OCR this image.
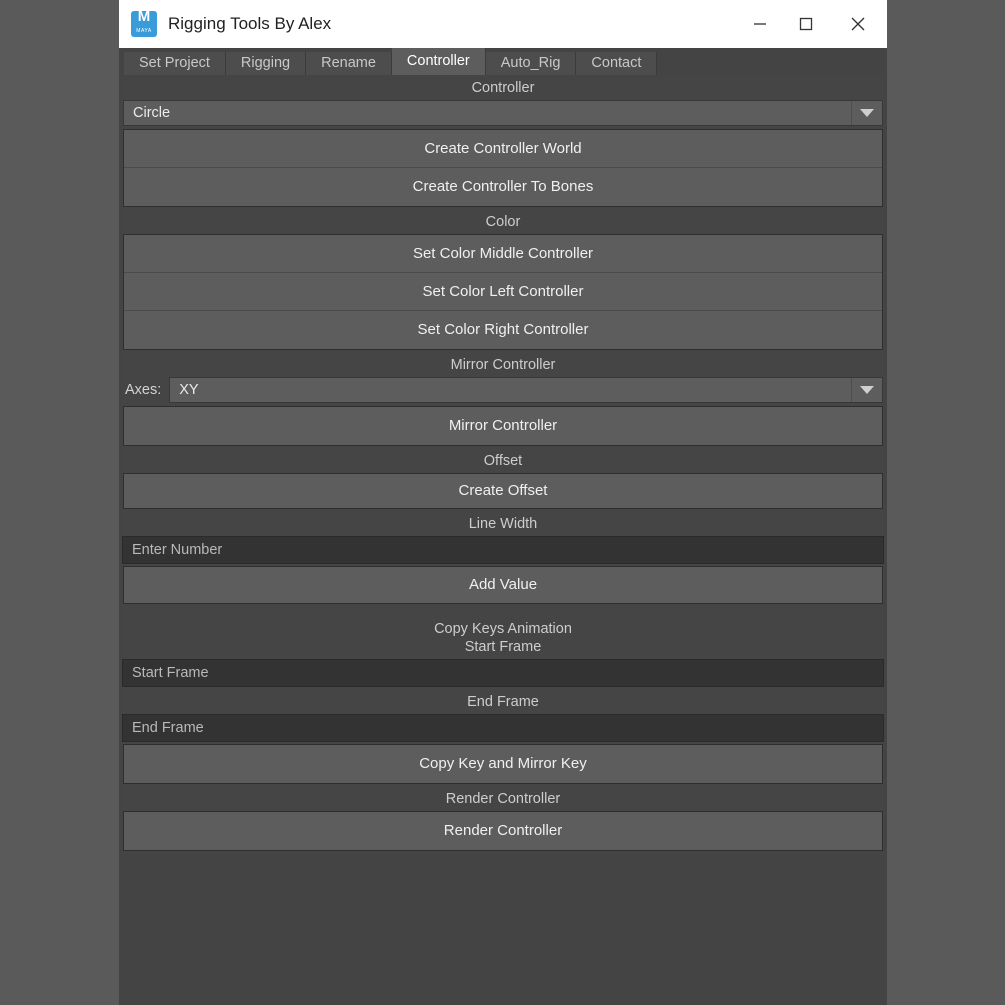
M
MAYA Rigging Tools By Alex
Set Project	Rigging	Rename	Controller	Auto_Rig	Contact
Controller
Circle
Create Controller World
Create Controller To Bones
Color
Set Color Middle Controller
Set Color Left Controller
Set Color Right Controller
Mirror Controller
Axes:	XY
Mirror Controller
Offset
Create Offset
Line Width
Enter Number
Add Value
Copy Keys Animation
Start Frame
Start Frame
End Frame
End Frame
Copy Key and Mirror Key
Render Controller
Render Controller
